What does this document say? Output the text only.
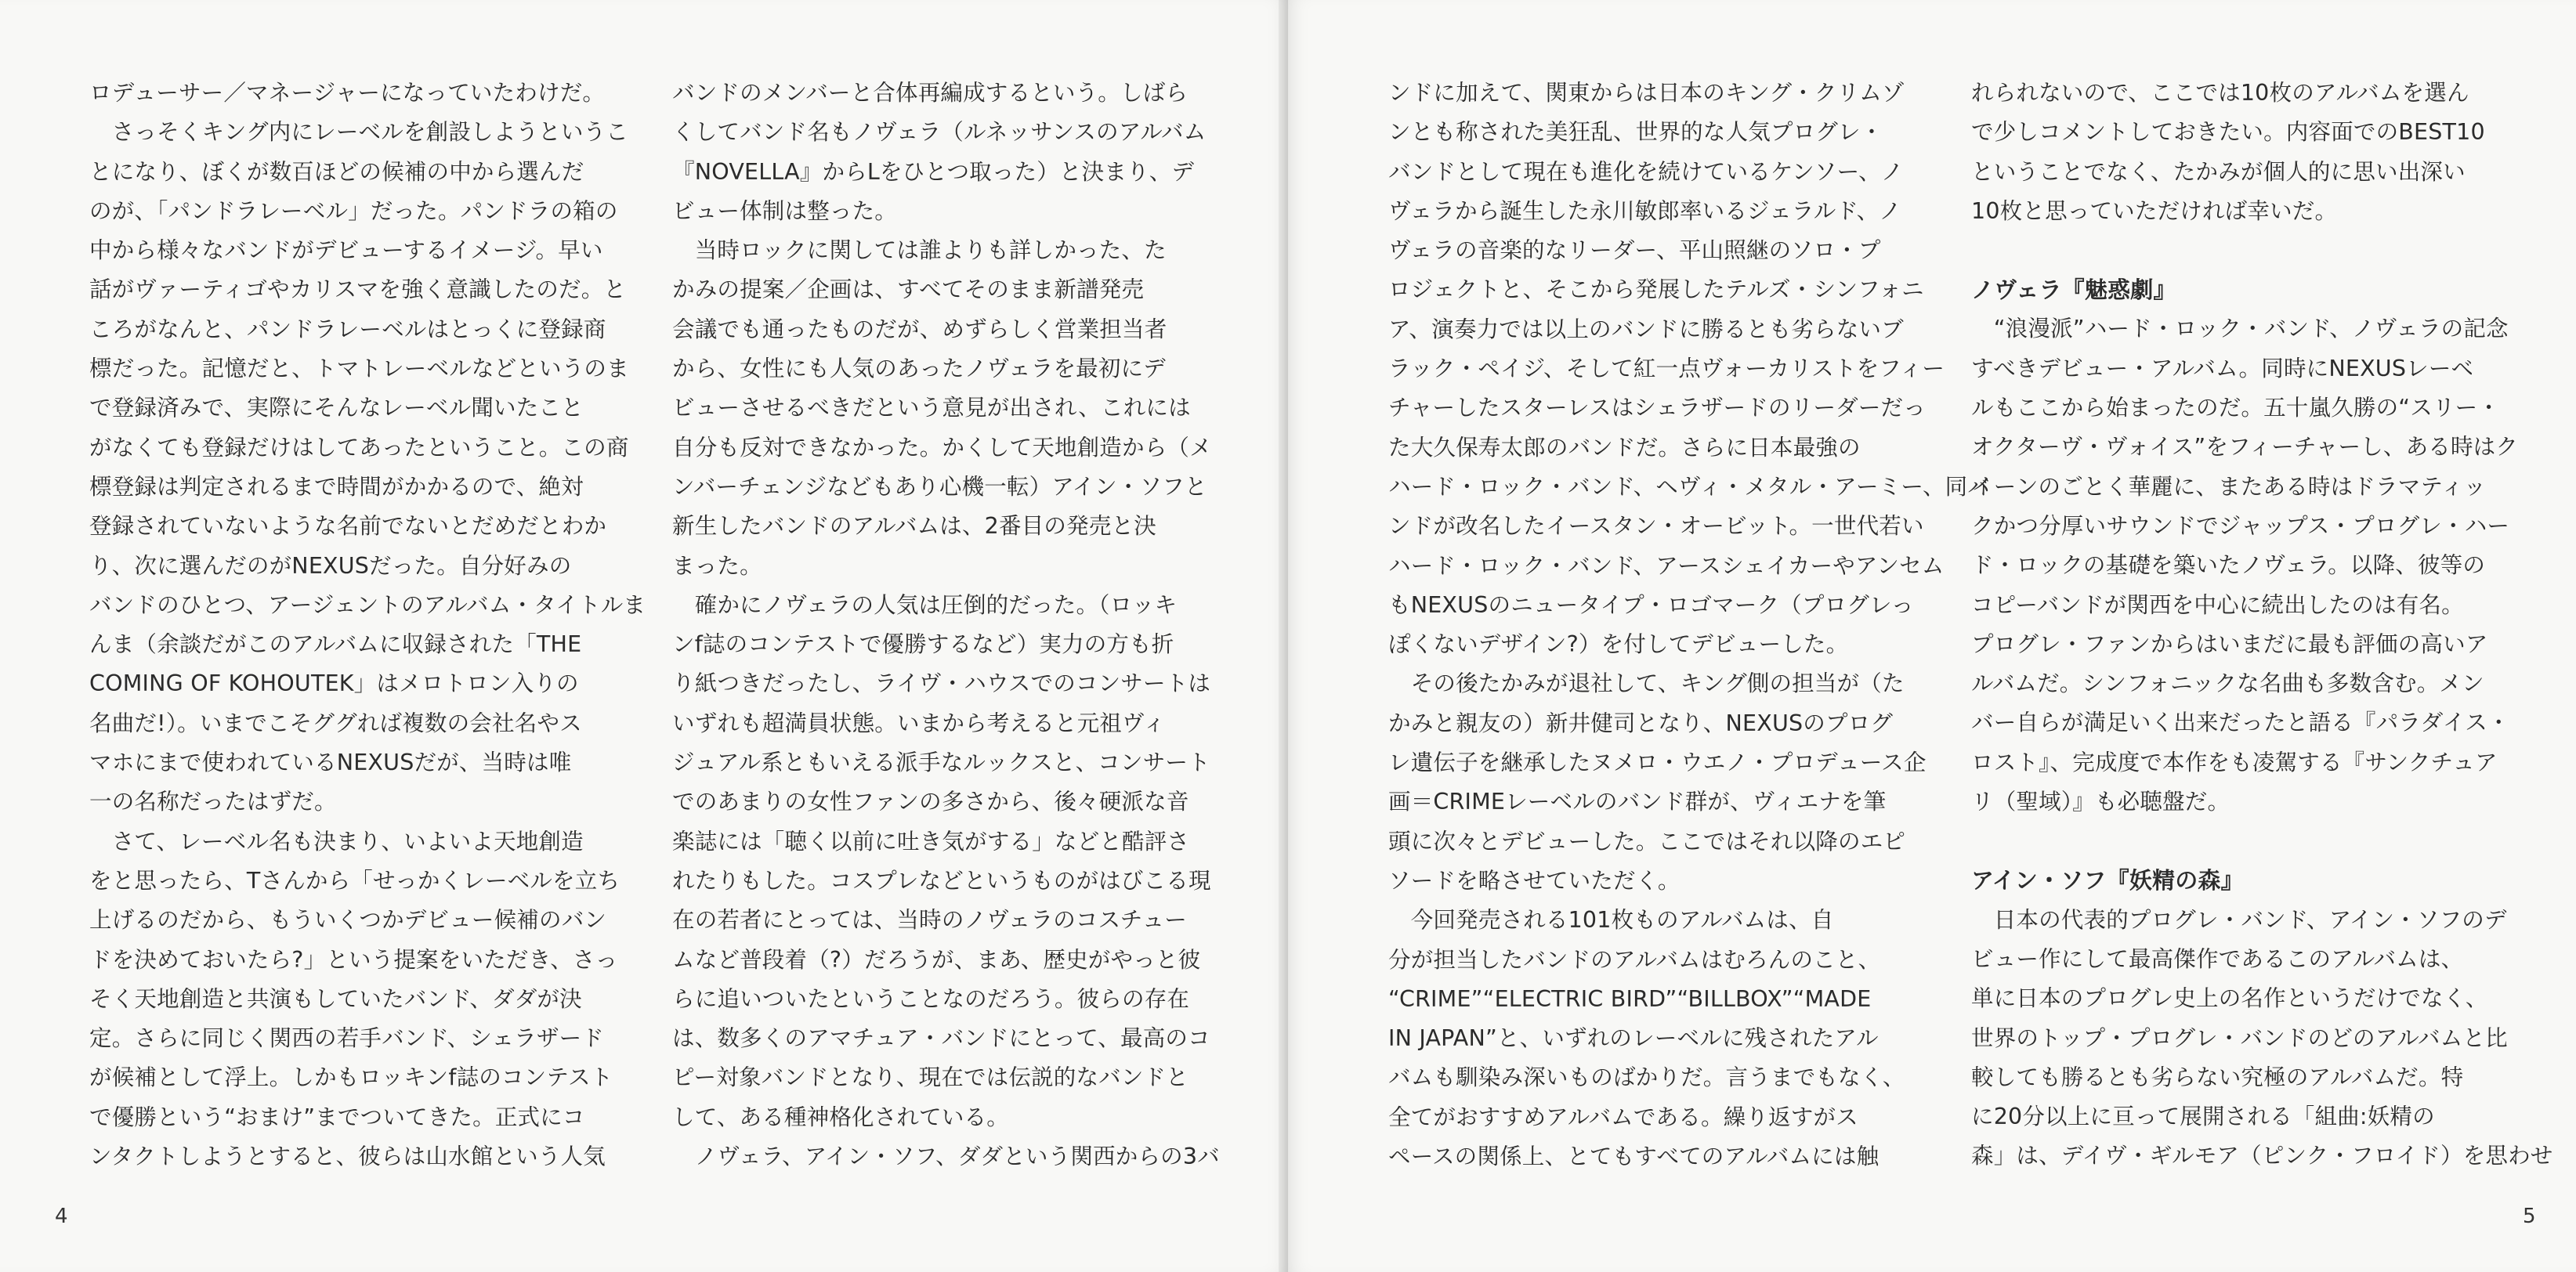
ロデューサー／マネージャーになっていたわけだ。
　さっそくキング内にレーベルを創設しようというこ
とになり、ぼくが数百ほどの候補の中から選んだ
のが、「パンドラレーベル」だった。パンドラの箱の
中から様々なバンドがデビューするイメージ。早い
話がヴァーティゴやカリスマを強く意識したのだ。と
ころがなんと、パンドラレーベルはとっくに登録商
標だった。記憶だと、トマトレーベルなどというのま
で登録済みで、実際にそんなレーベル聞いたこと
がなくても登録だけはしてあったということ。この商
標登録は判定されるまで時間がかかるので、絶対
登録されていないような名前でないとだめだとわか
り、次に選んだのがNEXUSだった。自分好みの
バンドのひとつ、アージェントのアルバム・タイトルま
んま（余談だがこのアルバムに収録された「THE
COMING OF KOHOUTEK」はメロトロン入りの
名曲だ!）。いまでこそググれば複数の会社名やス
マホにまで使われているNEXUSだが、当時は唯
一の名称だったはずだ。
　さて、レーベル名も決まり、いよいよ天地創造
をと思ったら、Tさんから「せっかくレーベルを立ち
上げるのだから、もういくつかデビュー候補のバン
ドを決めておいたら?」という提案をいただき、さっ
そく天地創造と共演もしていたバンド、ダダが決
定。さらに同じく関西の若手バンド、シェラザード
が候補として浮上。しかもロッキンf誌のコンテスト
で優勝という“おまけ”までついてきた。正式にコ
ンタクトしようとすると、彼らは山水館という人気
バンドのメンバーと合体再編成するという。しばら
くしてバンド名もノヴェラ（ルネッサンスのアルバム
『NOVELLA』からLをひとつ取った）と決まり、デ
ビュー体制は整った。
　当時ロックに関しては誰よりも詳しかった、た
かみの提案／企画は、すべてそのまま新譜発売
会議でも通ったものだが、めずらしく営業担当者
から、女性にも人気のあったノヴェラを最初にデ
ビューさせるべきだという意見が出され、これには
自分も反対できなかった。かくして天地創造から（メ
ンバーチェンジなどもあり心機一転）アイン・ソフと
新生したバンドのアルバムは、2番目の発売と決
まった。
　確かにノヴェラの人気は圧倒的だった。（ロッキ
ンf誌のコンテストで優勝するなど）実力の方も折
り紙つきだったし、ライヴ・ハウスでのコンサートは
いずれも超満員状態。いまから考えると元祖ヴィ
ジュアル系ともいえる派手なルックスと、コンサート
でのあまりの女性ファンの多さから、後々硬派な音
楽誌には「聴く以前に吐き気がする」などと酷評さ
れたりもした。コスプレなどというものがはびこる現
在の若者にとっては、当時のノヴェラのコスチュー
ムなど普段着（?）だろうが、まあ、歴史がやっと彼
らに追いついたということなのだろう。彼らの存在
は、数多くのアマチュア・バンドにとって、最高のコ
ピー対象バンドとなり、現在では伝説的なバンドと
して、ある種神格化されている。
　ノヴェラ、アイン・ソフ、ダダという関西からの3バ
4
ンドに加えて、関東からは日本のキング・クリムゾ
ンとも称された美狂乱、世界的な人気プログレ・
バンドとして現在も進化を続けているケンソー、ノ
ヴェラから誕生した永川敏郎率いるジェラルド、ノ
ヴェラの音楽的なリーダー、平山照継のソロ・プ
ロジェクトと、そこから発展したテルズ・シンフォニ
ア、演奏力では以上のバンドに勝るとも劣らないブ
ラック・ペイジ、そして紅一点ヴォーカリストをフィー
チャーしたスターレスはシェラザードのリーダーだっ
た大久保寿太郎のバンドだ。さらに日本最強の
ハード・ロック・バンド、ヘヴィ・メタル・アーミー、同バ
ンドが改名したイースタン・オービット。一世代若い
ハード・ロック・バンド、アースシェイカーやアンセム
もNEXUSのニュータイプ・ロゴマーク（プログレっ
ぽくないデザイン?）を付してデビューした。
　その後たかみが退社して、キング側の担当が（た
かみと親友の）新井健司となり、NEXUSのプログ
レ遺伝子を継承したヌメロ・ウエノ・プロデュース企
画＝CRIMEレーベルのバンド群が、ヴィエナを筆
頭に次々とデビューした。ここではそれ以降のエピ
ソードを略させていただく。
　今回発売される101枚ものアルバムは、自
分が担当したバンドのアルバムはむろんのこと、
“CRIME”“ELECTRIC BIRD”“BILLBOX”“MADE
IN JAPAN”と、いずれのレーベルに残されたアル
バムも馴染み深いものばかりだ。言うまでもなく、
全てがおすすめアルバムである。繰り返すがス
ペースの関係上、とてもすべてのアルバムには触
れられないので、ここでは10枚のアルバムを選ん
で少しコメントしておきたい。内容面でのBEST10
ということでなく、たかみが個人的に思い出深い
10枚と思っていただければ幸いだ。
ノヴェラ『魅惑劇』
　“浪漫派”ハード・ロック・バンド、ノヴェラの記念
すべきデビュー・アルバム。同時にNEXUSレーベ
ルもここから始まったのだ。五十嵐久勝の“スリー・
オクターヴ・ヴォイス”をフィーチャーし、ある時はク
イーンのごとく華麗に、またある時はドラマティッ
クかつ分厚いサウンドでジャップス・プログレ・ハー
ド・ロックの基礎を築いたノヴェラ。以降、彼等の
コピーバンドが関西を中心に続出したのは有名。
プログレ・ファンからはいまだに最も評価の高いア
ルバムだ。シンフォニックな名曲も多数含む。メン
バー自らが満足いく出来だったと語る『パラダイス・
ロスト』、完成度で本作をも凌駕する『サンクチュア
リ（聖域）』も必聴盤だ。
アイン・ソフ『妖精の森』
　日本の代表的プログレ・バンド、アイン・ソフのデ
ビュー作にして最高傑作であるこのアルバムは、
単に日本のプログレ史上の名作というだけでなく、
世界のトップ・プログレ・バンドのどのアルバムと比
較しても勝るとも劣らない究極のアルバムだ。特
に20分以上に亘って展開される「組曲:妖精の
森」は、デイヴ・ギルモア（ピンク・フロイド）を思わせ
5
